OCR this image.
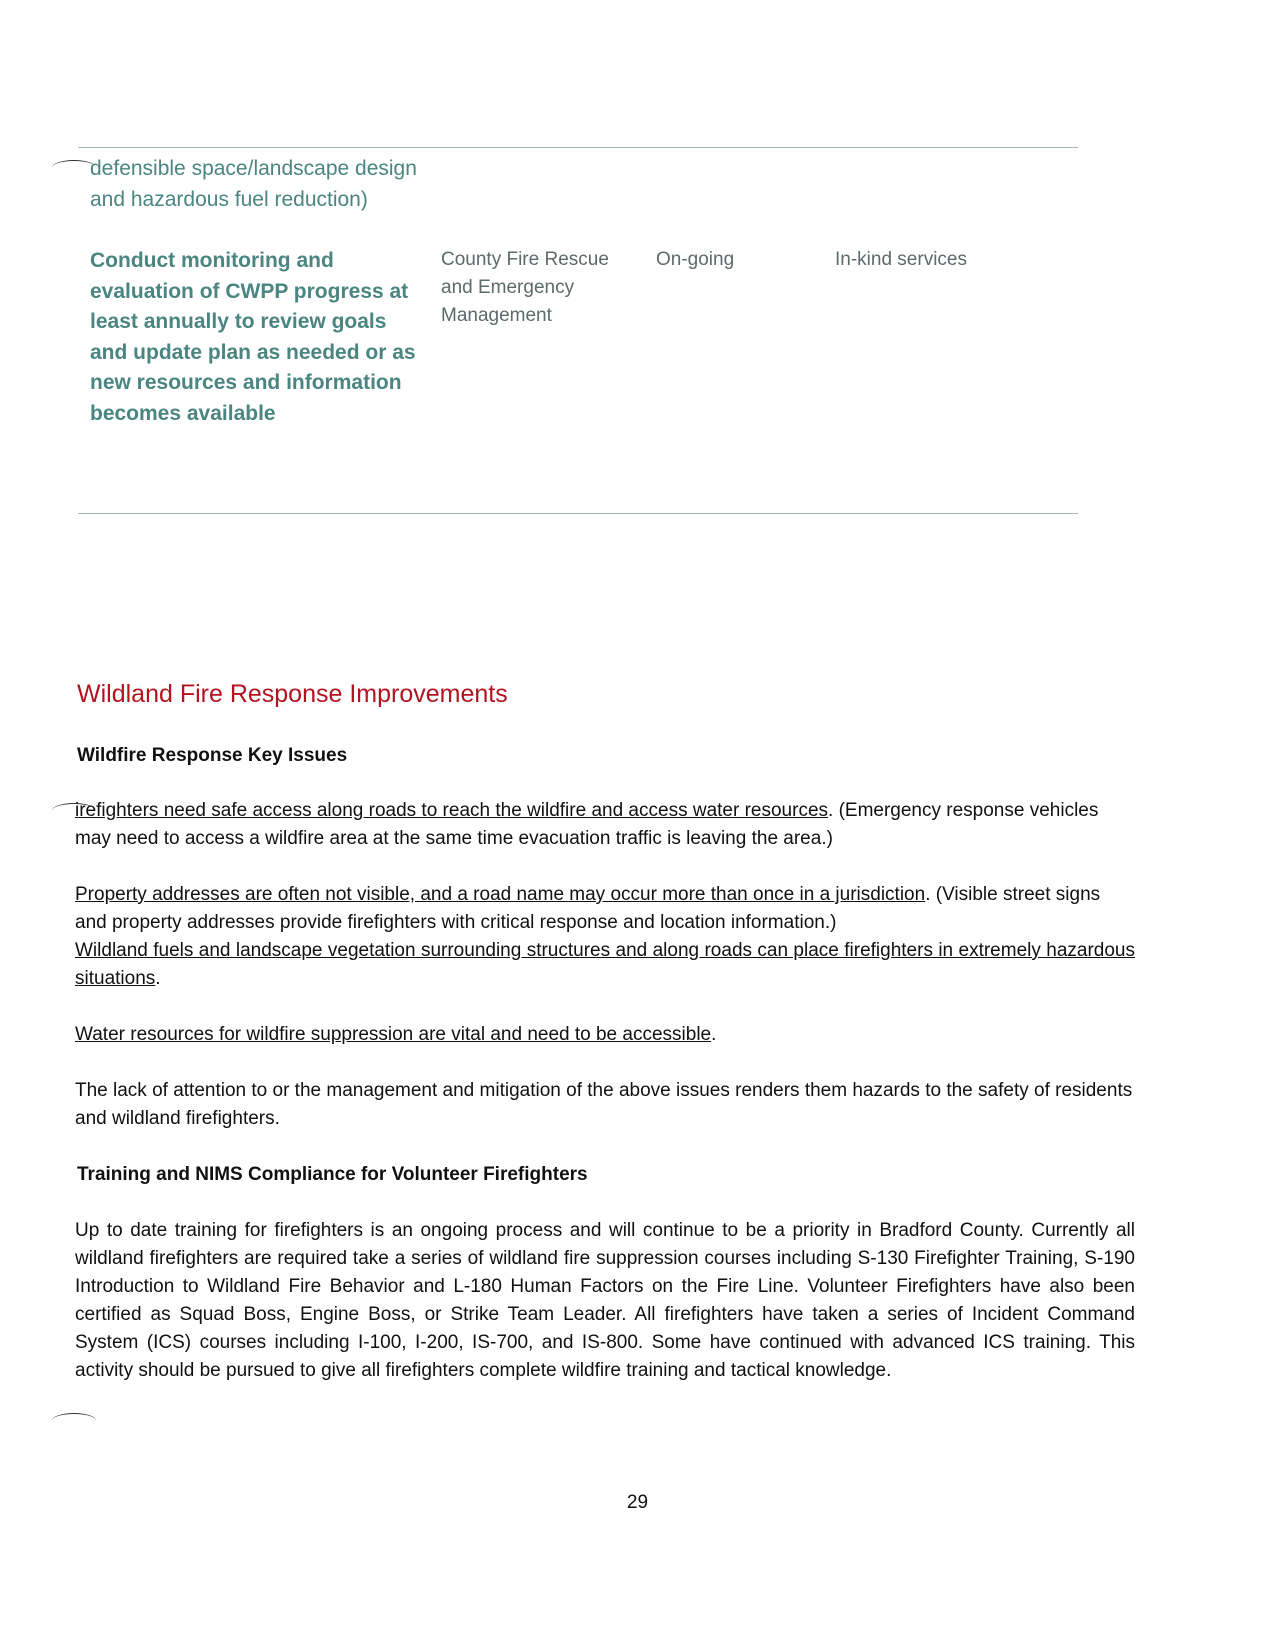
defensible space/landscape design and hazardous fuel reduction)
Conduct monitoring and evaluation of CWPP progress at least annually to review goals and update plan as needed or as new resources and information becomes available
County Fire Rescue and Emergency Management
On-going	In-kind services
Wildland Fire Response Improvements
Wildfire Response Key Issues
irefighters need safe access along roads to reach the wildfire and access water resources. (Emergency response vehicles may need to access a wildfire area at the same time evacuation traffic is leaving the area.)
Property addresses are often not visible, and a road name may occur more than once in a jurisdiction. (Visible street signs and property addresses provide firefighters with critical response and location information.)
Wildland fuels and landscape vegetation surrounding structures and along roads can place firefighters in extremely hazardous situations.
Water resources for wildfire suppression are vital and need to be accessible.
The lack of attention to or the management and mitigation of the above issues renders them hazards to the safety of residents and wildland firefighters.
Training and NIMS Compliance for Volunteer Firefighters
Up to date training for firefighters is an ongoing process and will continue to be a priority in Bradford County. Currently all wildland firefighters are required take a series of wildland fire suppression courses including S-130 Firefighter Training, S-190 Introduction to Wildland Fire Behavior and L-180 Human Factors on the Fire Line. Volunteer Firefighters have also been certified as Squad Boss, Engine Boss, or Strike Team Leader. All firefighters have taken a series of Incident Command System (ICS) courses including I-100, I-200, IS-700, and IS-800. Some have continued with advanced ICS training. This activity should be pursued to give all firefighters complete wildfire training and tactical knowledge.
29
